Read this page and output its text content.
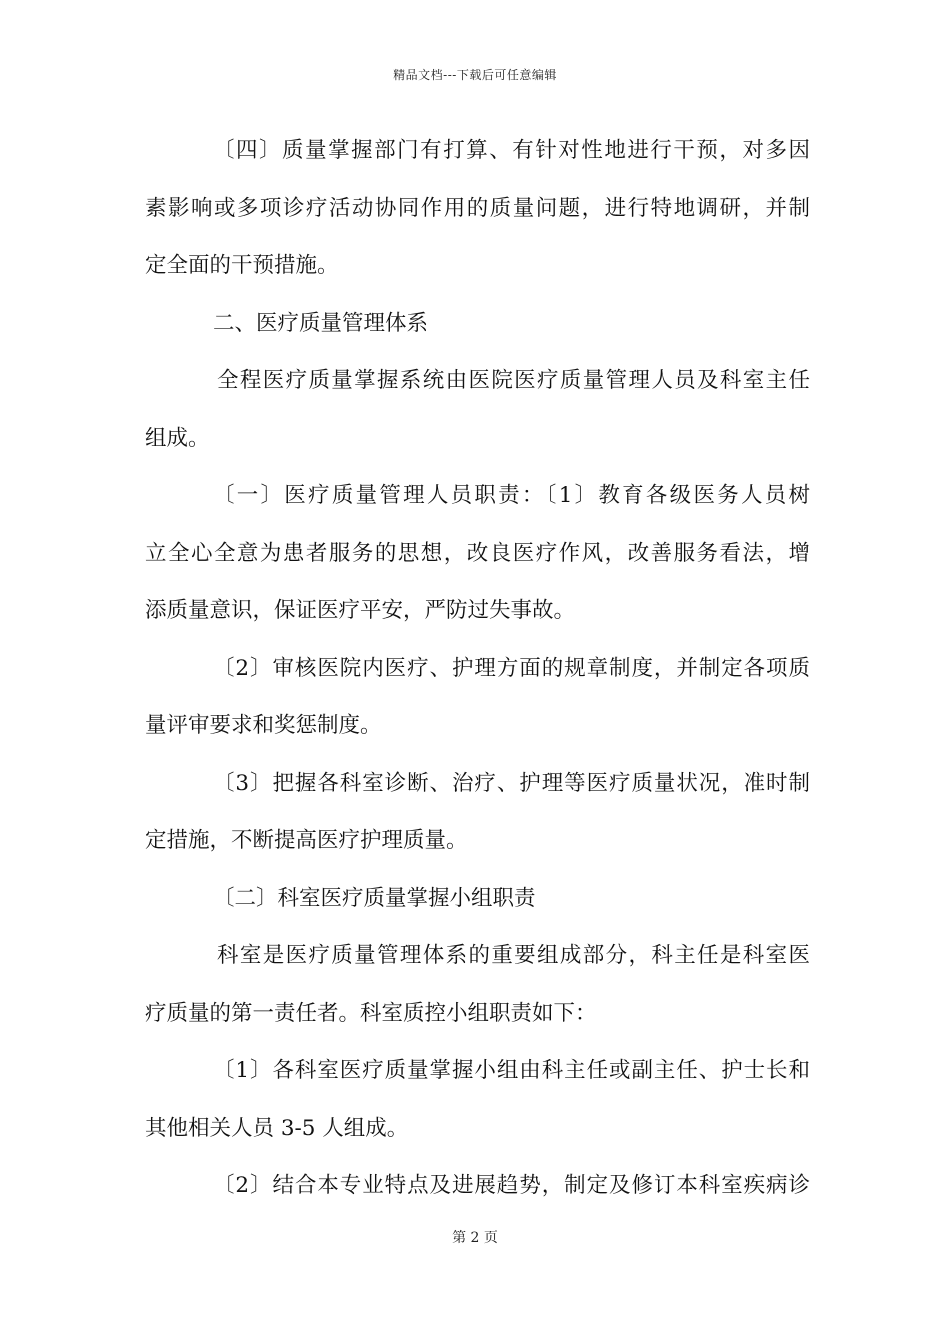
精品文档---下载后可任意编辑
〔四〕质量掌握部门有打算、有针对性地进行干预，对多因
素影响或多项诊疗活动协同作用的质量问题，进行特地调研，并制
定全面的干预措施。
二、医疗质量管理体系
全程医疗质量掌握系统由医院医疗质量管理人员及科室主任
组成。
〔一〕医疗质量管理人员职责：〔1〕教育各级医务人员树
立全心全意为患者服务的思想，改良医疗作风，改善服务看法，增
添质量意识，保证医疗平安，严防过失事故。
〔2〕审核医院内医疗、护理方面的规章制度，并制定各项质
量评审要求和奖惩制度。
〔3〕把握各科室诊断、治疗、护理等医疗质量状况，准时制
定措施，不断提高医疗护理质量。
〔二〕科室医疗质量掌握小组职责
科室是医疗质量管理体系的重要组成部分，科主任是科室医
疗质量的第一责任者。科室质控小组职责如下：
〔1〕各科室医疗质量掌握小组由科主任或副主任、护士长和
其他相关人员 3-5 人组成。
〔2〕结合本专业特点及进展趋势，制定及修订本科室疾病诊
第 2 页
